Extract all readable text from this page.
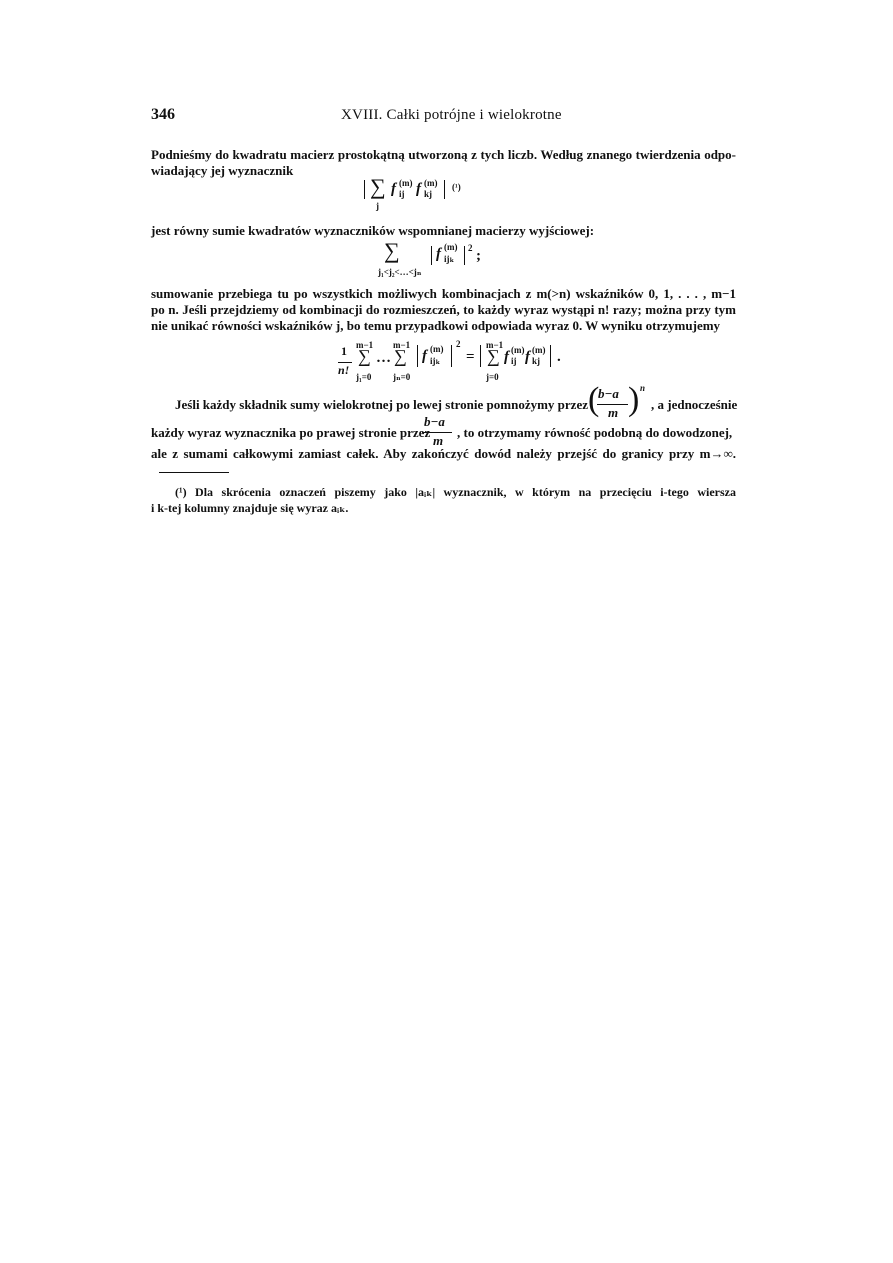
346	XVIII. Całki potrójne i wielokrotne
Podnieśmy do kwadratu macierz prostokątną utworzoną z tych liczb. Według znanego twierdzenia odpo-
wiadający jej wyznacznik
∑
j
f (m)
ij f (m)
kj
(¹)
jest równy sumie kwadratów wyznaczników wspomnianej macierzy wyjściowej:
∑
j₁<j₂<…<jₙ
f (m)
ijₖ
2 ;
sumowanie przebiega tu po wszystkich możliwych kombinacjach z m(>n) wskaźników 0, 1, . . . , m−1
po n. Jeśli przejdziemy od kombinacji do rozmieszczeń, to każdy wyraz wystąpi n! razy; można przy tym
nie unikać równości wskaźników j, bo temu przypadkowi odpowiada wyraz 0. W wyniku otrzymujemy
1
n!
m−1
∑
j₁=0
…
m−1
∑
jₙ=0
f (m)
ijₖ
2
=
m−1
∑
j=0
f (m)
ij f (m)
kj .
Jeśli każdy składnik sumy wielokrotnej po lewej stronie pomnożymy przez (
b−a
m ) n
, a jednocześnie
każdy wyraz wyznacznika po prawej stronie przez
b−a
m
, to otrzymamy równość podobną do dowodzonej,
ale z sumami całkowymi zamiast całek. Aby zakończyć dowód należy przejść do granicy przy m→∞.
(¹) Dla skrócenia oznaczeń piszemy jako |aᵢₖ| wyznacznik, w którym na przecięciu i-tego wiersza
i k-tej kolumny znajduje się wyraz aᵢₖ.
